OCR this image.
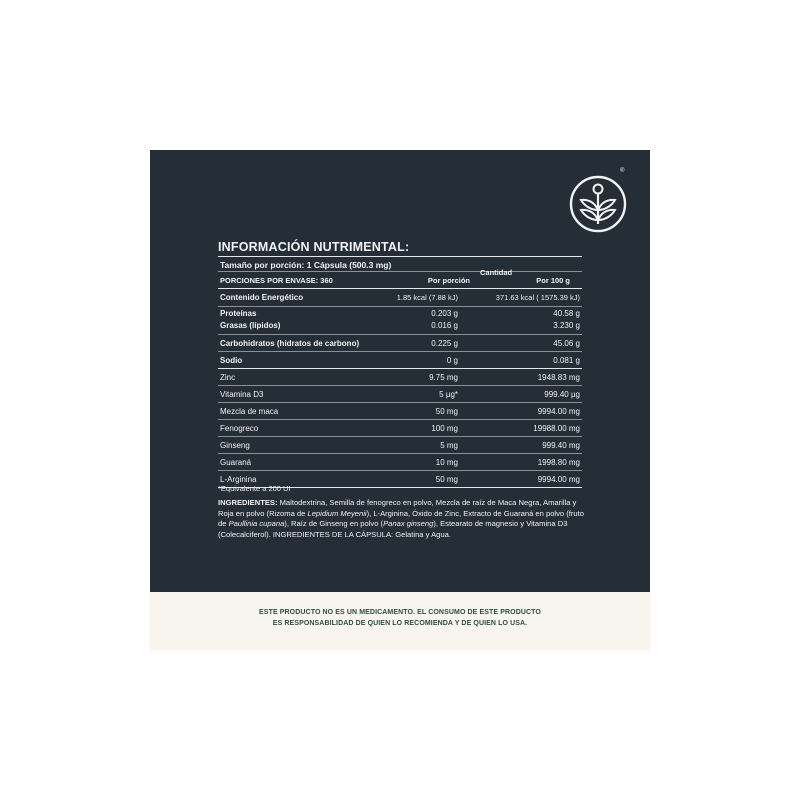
®
INFORMACIÓN NUTRIMENTAL:
Tamaño por porción: 1 Cápsula (500.3 mg)
PORCIONES POR ENVASE: 360	Por porción	Por 100 g
Contenido Energético	1.85 kcal (7.88 kJ)	371.63 kcal ( 1575.39 kJ)
Proteínas	0.203 g	40.58 g
Grasas (lípidos)	0.016 g	3.230 g
Carbohidratos (hidratos de carbono)	0.225 g	45.06 g
Sodio	0 g	0.081 g
Zinc	9.75 mg	1948.83 mg
Vitamina D3	5 µg*	999.40 µg
Mezcla de maca	50 mg	9994.00 mg
Fenogreco	100 mg	19988.00 mg
Ginseng	5 mg	999.40 mg
Guaraná	10 mg	1998.80 mg
L-Arginina	50 mg	9994.00 mg
Cantidad
*Equivalente a 200 UI
INGREDIENTES: Maltodextrina, Semilla de fenogreco en polvo, Mezcla de raíz de Maca Negra, Amarilla y Roja en polvo (Rizoma de Lepidium Meyenii), L-Arginina, Óxido de Zinc, Extracto de Guaraná en polvo (fruto de Paullinia cupana), Raíz de Ginseng en polvo (Panax ginseng), Estearato de magnesio y Vitamina D3 (Colecalciferol). INGREDIENTES DE LA CÁPSULA: Gelatina y Agua.
ESTE PRODUCTO NO ES UN MEDICAMENTO. EL CONSUMO DE ESTE PRODUCTO
ES RESPONSABILIDAD DE QUIEN LO RECOMIENDA Y DE QUIEN LO USA.
